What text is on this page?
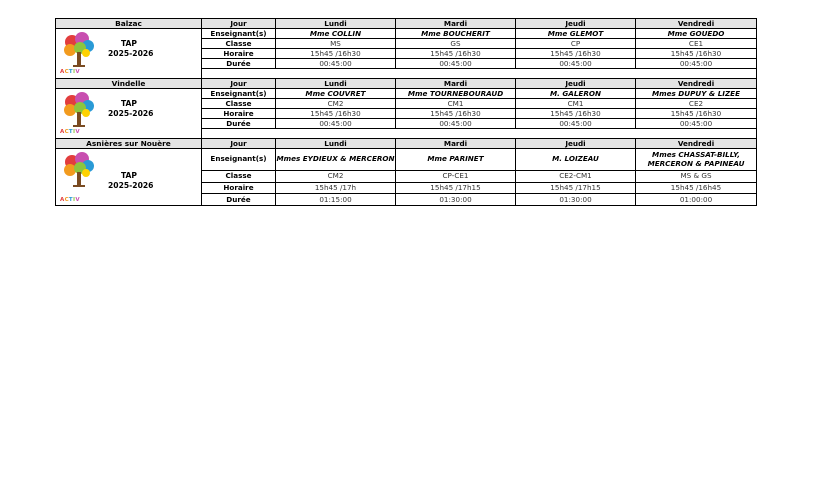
Balzac	Jour	Lundi	Mardi	Jeudi	Vendredi

TAP
2025-2026
ACTIV	Enseignant(s)	Mme COLLIN	Mme BOUCHERIT	Mme GLEMOT	Mme GOUEDO
	Classe	MS	GS	CP	CE1
	Horaire	15h45 /16h30	15h45 /16h30	15h45 /16h30	15h45 /16h30
	Durée	00:45:00	00:45:00	00:45:00	00:45:00

Vindelle	Jour	Lundi	Mardi	Jeudi	Vendredi

TAP
2025-2026
ACTIV	Enseignant(s)	Mme COUVRET	Mme TOURNEBOURAUD	M. GALERON	Mmes DUPUY & LIZEE
	Classe	CM2	CM1	CM1	CE2
	Horaire	15h45 /16h30	15h45 /16h30	15h45 /16h30	15h45 /16h30
	Durée	00:45:00	00:45:00	00:45:00	00:45:00

Asnières sur Nouère	Jour	Lundi	Mardi	Jeudi	Vendredi

TAP
2025-2026
ACTIV	Enseignant(s)	Mmes EYDIEUX & MERCERON	Mme PARINET	M. LOIZEAU	Mmes CHASSAT-BILLY, MERCERON & PAPINEAU
	Classe	CM2	CP-CE1	CE2-CM1	MS & GS
	Horaire	15h45 /17h	15h45 /17h15	15h45 /17h15	15h45 /16h45
	Durée	01:15:00	01:30:00	01:30:00	01:00:00
